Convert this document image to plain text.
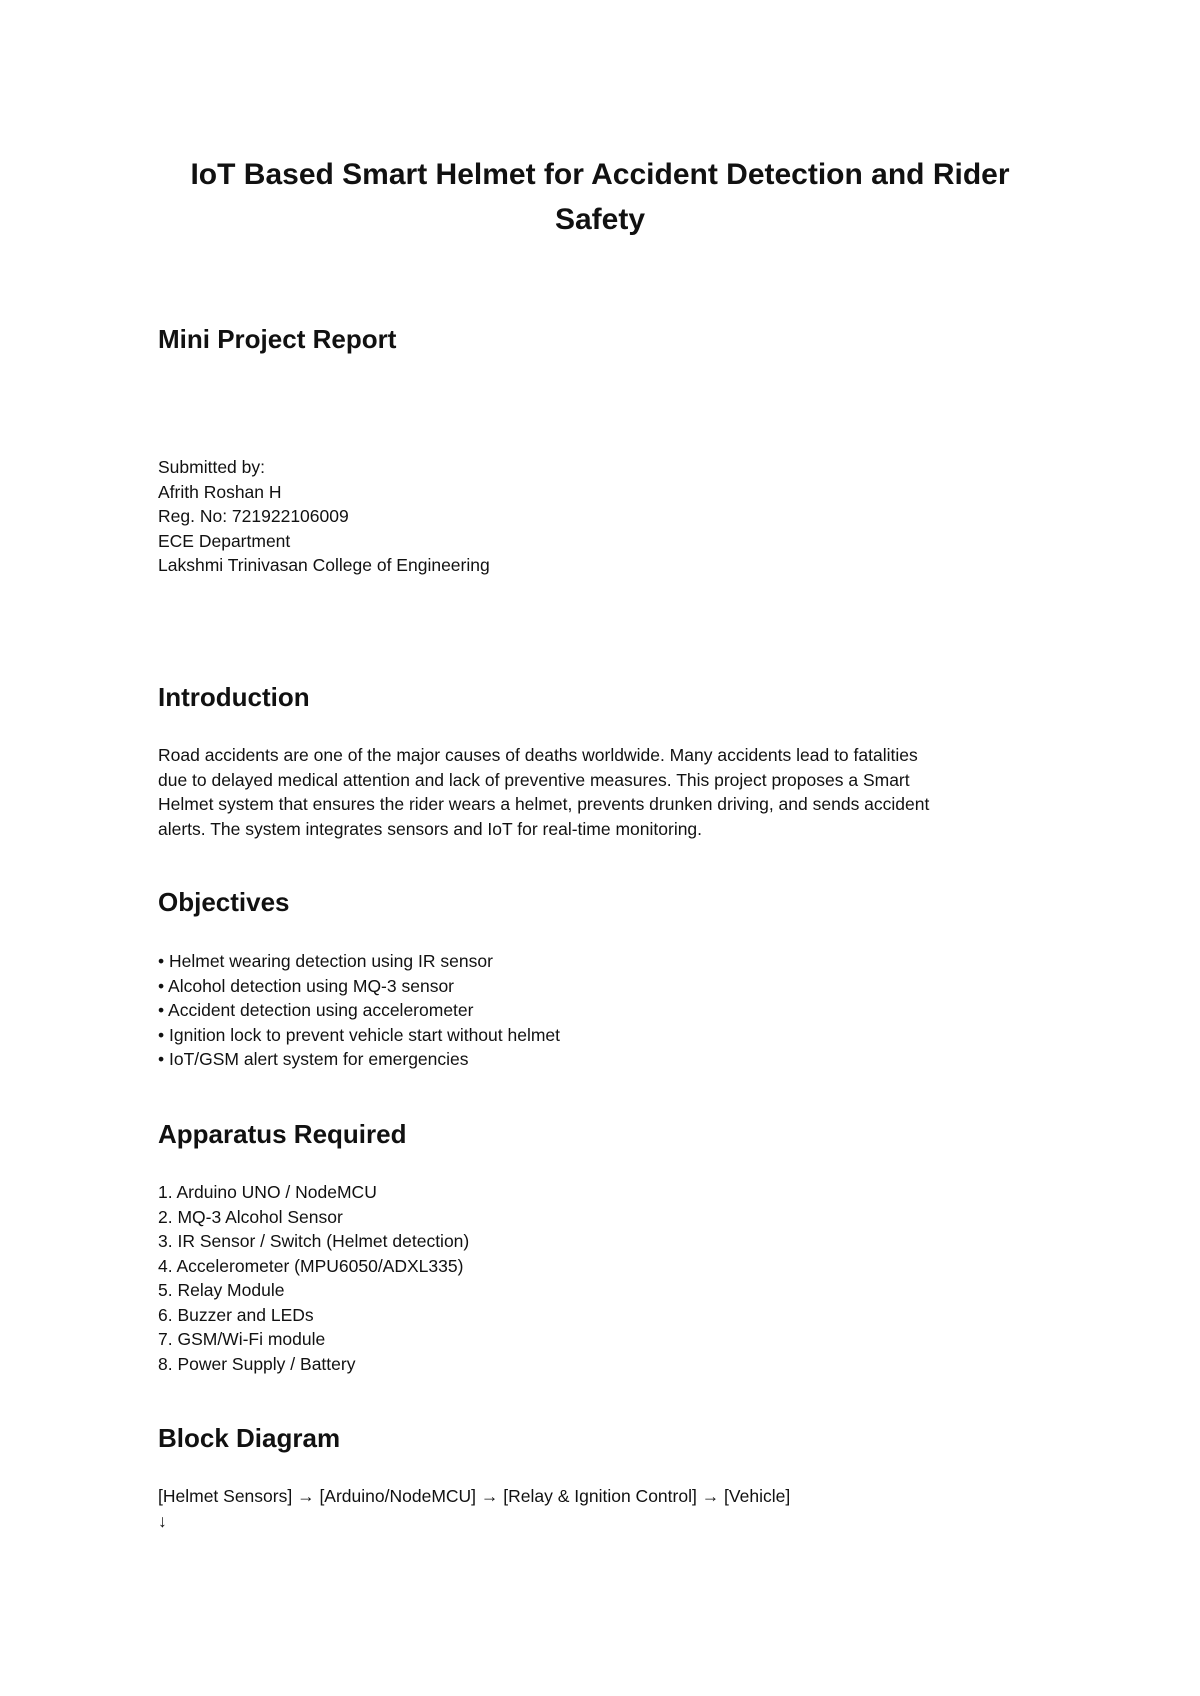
IoT Based Smart Helmet for Accident Detection and Rider Safety
Mini Project Report
Submitted by:
Afrith Roshan H
Reg. No: 721922106009
ECE Department
Lakshmi Trinivasan College of Engineering
Introduction
Road accidents are one of the major causes of deaths worldwide. Many accidents lead to fatalities
due to delayed medical attention and lack of preventive measures. This project proposes a Smart
Helmet system that ensures the rider wears a helmet, prevents drunken driving, and sends accident
alerts. The system integrates sensors and IoT for real-time monitoring.
Objectives
• Helmet wearing detection using IR sensor
• Alcohol detection using MQ-3 sensor
• Accident detection using accelerometer
• Ignition lock to prevent vehicle start without helmet
• IoT/GSM alert system for emergencies
Apparatus Required
1. Arduino UNO / NodeMCU
2. MQ-3 Alcohol Sensor
3. IR Sensor / Switch (Helmet detection)
4. Accelerometer (MPU6050/ADXL335)
5. Relay Module
6. Buzzer and LEDs
7. GSM/Wi-Fi module
8. Power Supply / Battery
Block Diagram
[Helmet Sensors] → [Arduino/NodeMCU] → [Relay & Ignition Control] → [Vehicle]
↓
